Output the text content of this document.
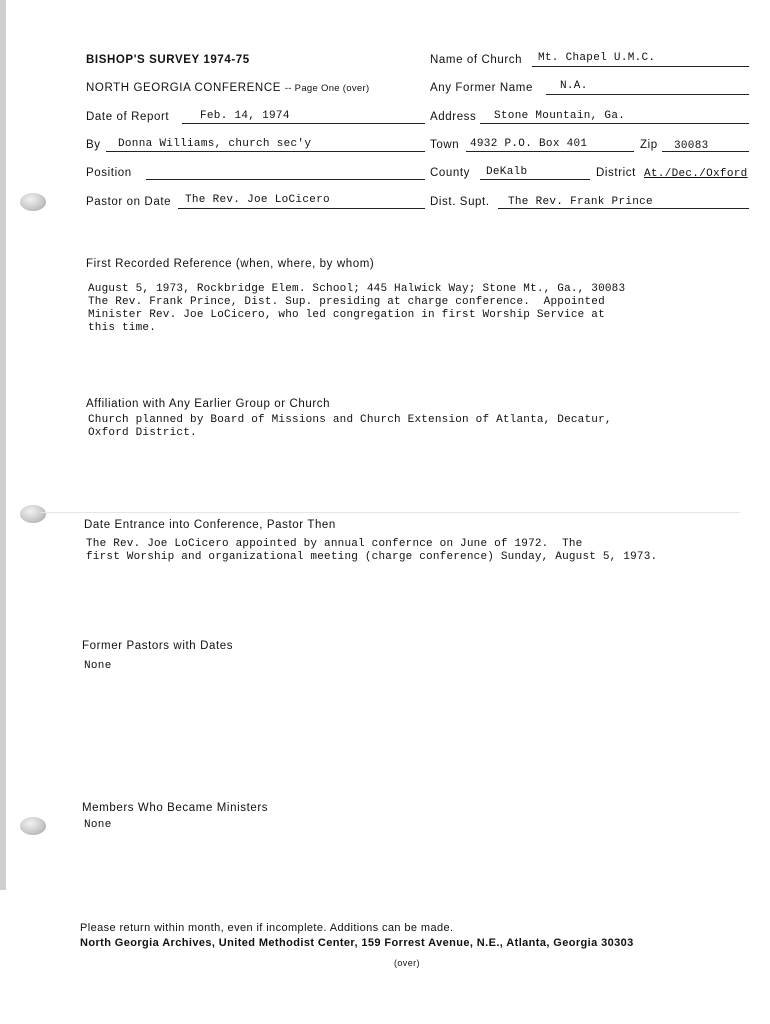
BISHOP'S SURVEY 1974-75
NORTH GEORGIA CONFERENCE -- Page One (over)
Date of Report	Feb. 14, 1974
By Donna Williams, church sec'y
Position
Pastor on Date The Rev. Joe LoCicero
Name of Church Mt. Chapel U.M.C.
Any Former Name N.A.
Address Stone Mountain, Ga.
Town 4932 P.O. Box 401	Zip 30083
County DeKalb	District At./Dec./Oxford
Dist. Supt. The Rev. Frank Prince
First Recorded Reference (when, where, by whom)
August 5, 1973, Rockbridge Elem. School; 445 Halwick Way; Stone Mt., Ga., 30083
The Rev. Frank Prince, Dist. Sup. presiding at charge conference.  Appointed
Minister Rev. Joe LoCicero, who led congregation in first Worship Service at
this time.
Affiliation with Any Earlier Group or Church
Church planned by Board of Missions and Church Extension of Atlanta, Decatur,
Oxford District.
Date Entrance into Conference, Pastor Then
The Rev. Joe LoCicero appointed by annual confernce on June of 1972.  The
first Worship and organizational meeting (charge conference) Sunday, August 5, 1973.
Former Pastors with Dates
None
Members Who Became Ministers
None
Please return within month, even if incomplete. Additions can be made.
North Georgia Archives, United Methodist Center, 159 Forrest Avenue, N.E., Atlanta, Georgia 30303
(over)
